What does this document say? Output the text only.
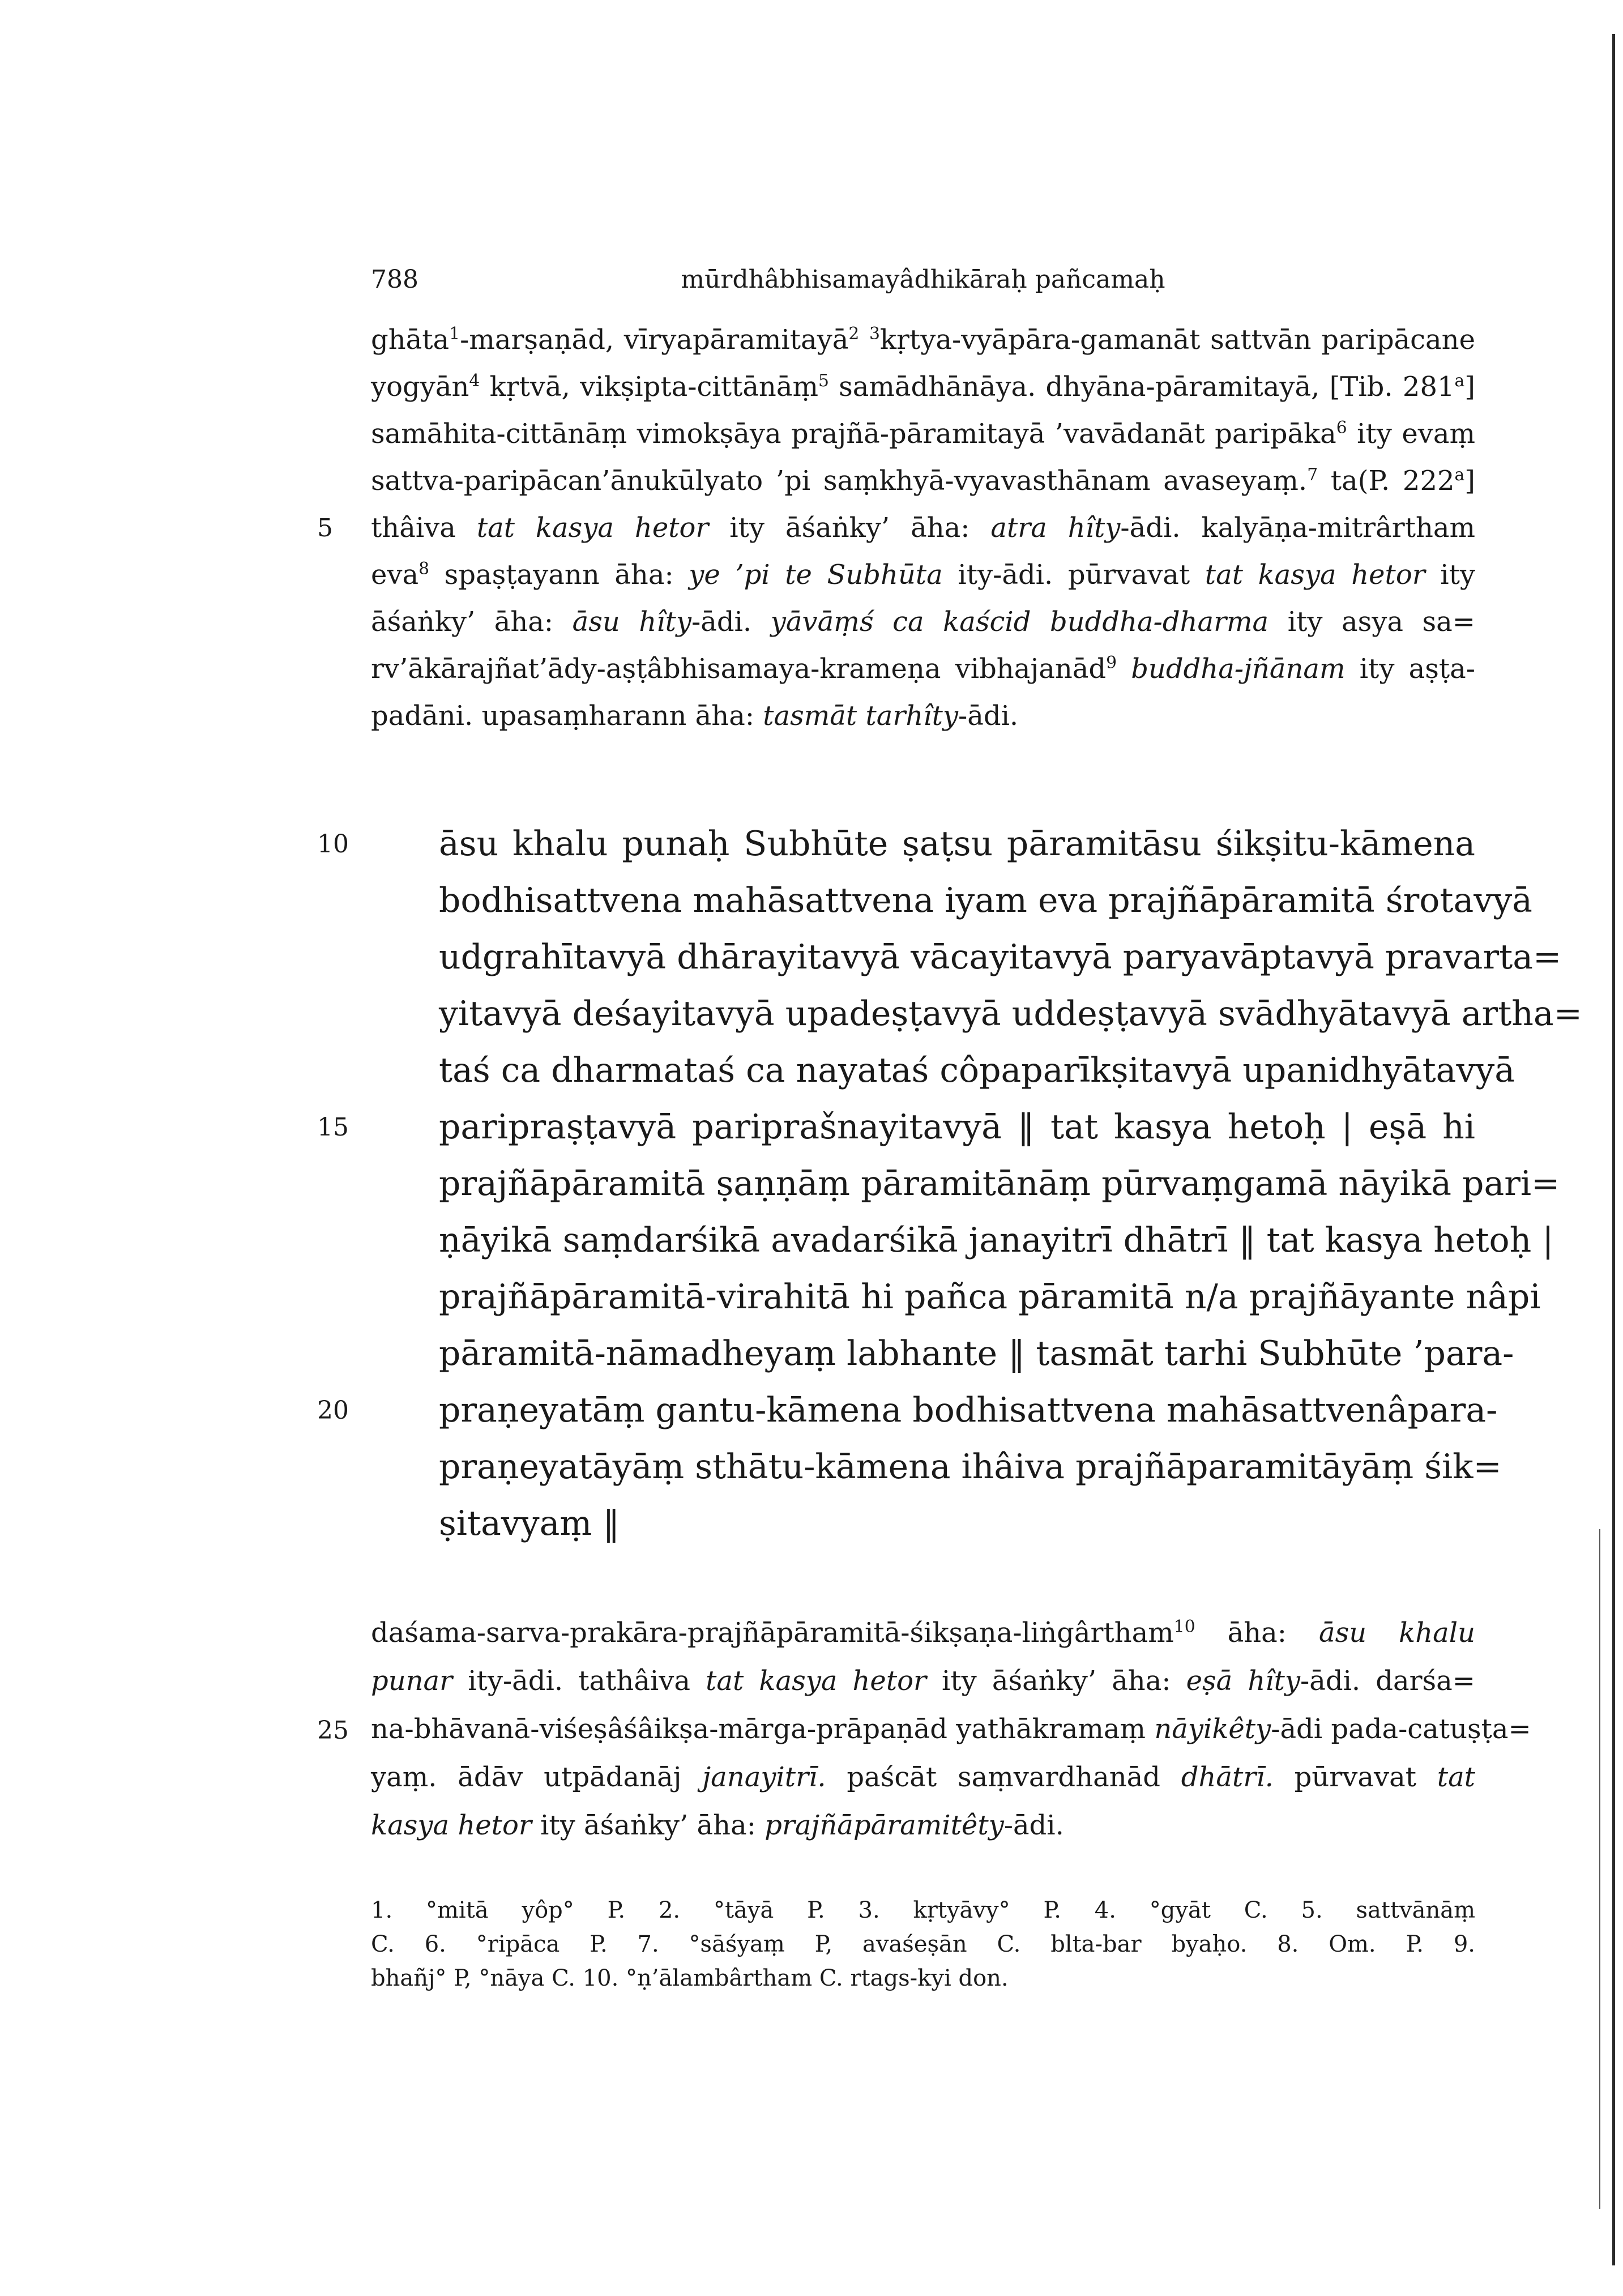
788	mūrdhâbhisamayâdhikāraḥ pañcamaḥ
ghāta$^1$-marṣaṇād, vīryapāramitayā$^2$ $^3$kṛtya-vyāpāra-gamanāt sattvān paripācane
yogyān$^4$ kṛtvā, vikṣipta-cittānāṃ$^5$ samādhānāya. dhyāna-pāramitayā, [Tib. 281$^a$]
samāhita-cittānāṃ vimokṣāya prajñā-pāramitayā ’vavādanāt paripāka$^6$ ity evaṃ
sattva-paripācan’ānukūlyato ’pi saṃkhyā-vyavasthānam avaseyaṃ.$^7$ ta(P. 222$^a$]
thâiva tat kasya hetor ity āśaṅky’ āha: atra hîty-ādi. kalyāṇa-mitrârtham
eva$^8$ spaṣṭayann āha: ye ’pi te Subhūta ity-ādi. pūrvavat tat kasya hetor ity
āśaṅky’ āha: āsu hîty-ādi. yāvāṃś ca kaścid buddha-dharma ity asya sa=
rv’ākārajñat’ādy-aṣṭâbhisamaya-krameṇa vibhajanād$^9$ buddha-jñānam ity aṣṭa-
padāni. upasaṃharann āha: tasmāt tarhîty-ādi.
āsu khalu punaḥ Subhūte ṣaṭsu pāramitāsu śikṣitu-kāmena
bodhisattvena mahāsattvena iyam eva prajñāpāramitā śrotavyā
udgrahītavyā dhārayitavyā vācayitavyā paryavāptavyā pravarta=
yitavyā deśayitavyā upadeṣṭavyā uddeṣṭavyā svādhyātavyā artha=
taś ca dharmataś ca nayataś côpaparīkṣitavyā upanidhyātavyā
paripraṣṭavyā pariprašnayitavyā ‖ tat kasya hetoḥ | eṣā hi
prajñāpāramitā ṣaṇṇāṃ pāramitānāṃ pūrvaṃgamā nāyikā pari=
ṇāyikā saṃdarśikā avadarśikā janayitrī dhātrī ‖ tat kasya hetoḥ |
prajñāpāramitā-virahitā hi pañca pāramitā n/a prajñāyante nâpi
pāramitā-nāmadheyaṃ labhante ‖ tasmāt tarhi Subhūte ’para-
praṇeyatāṃ gantu-kāmena bodhisattvena mahāsattvenâpara-
praṇeyatāyāṃ sthātu-kāmena ihâiva prajñāparamitāyāṃ śik=
ṣitavyaṃ ‖
daśama-sarva-prakāra-prajñāpāramitā-śikṣaṇa-liṅgârtham$^{10}$ āha: āsu khalu
punar ity-ādi. tathâiva tat kasya hetor ity āśaṅky’ āha: eṣā hîty-ādi. darśa=
na-bhāvanā-viśeṣâśâikṣa-mārga-prāpaṇād yathākramaṃ nāyikêty-ādi pada-catuṣṭa=
yaṃ. ādāv utpādanāj janayitrī. paścāt saṃvardhanād dhātrī. pūrvavat tat
kasya hetor ity āśaṅky’ āha: prajñāpāramitêty-ādi.
5
10
15
20
25
1. °mitā yôp° P. 2. °tāyā P. 3. kṛtyāvy° P. 4. °gyāt C. 5. sattvānāṃ
C. 6. °ripāca P. 7. °sāśyaṃ P, avaśeṣān C. blta-bar byaḥo. 8. Om. P. 9.
bhañj° P, °nāya C. 10. °ṇ’ālambârtham C. rtags-kyi don.
